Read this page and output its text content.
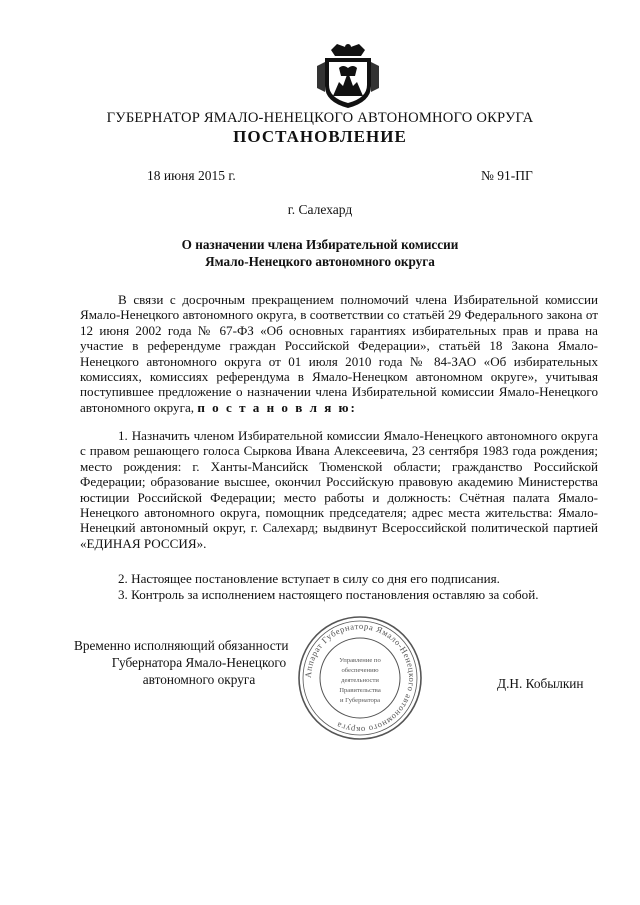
ГУБЕРНАТОР ЯМАЛО-НЕНЕЦКОГО АВТОНОМНОГО ОКРУГА
ПОСТАНОВЛЕНИЕ
18 июня 2015 г.	№ 91-ПГ
г. Салехард
О назначении члена Избирательной комиссии
Ямало-Ненецкого автономного округа
В связи с досрочным прекращением полномочий члена Избирательной комиссии Ямало-Ненецкого автономного округа, в соответствии со статьёй 29 Федерального закона от 12 июня 2002 года № 67-ФЗ «Об основных гарантиях избирательных прав и права на участие в референдуме граждан Российской Федерации», статьёй 18 Закона Ямало-Ненецкого автономного округа от 01 июля 2010 года № 84-ЗАО «Об избирательных комиссиях, комиссиях референдума в Ямало-Ненецком автономном округе», учитывая поступившее предложение о назначении члена Избирательной комиссии Ямало-Ненецкого автономного округа, п о с т а н о в л я ю:

1. Назначить членом Избирательной комиссии Ямало-Ненецкого автономного округа с правом решающего голоса Сыркова Ивана Алексеевича, 23 сентября 1983 года рождения; место рождения: г. Ханты-Мансийск Тюменской области; гражданство Российской Федерации; образование высшее, окончил Российскую правовую академию Министерства юстиции Российской Федерации; место работы и должность: Счётная палата Ямало-Ненецкого автономного округа, помощник председателя; адрес места жительства: Ямало-Ненецкий автономный округ, г. Салехард; выдвинут Всероссийской политической партией «ЕДИНАЯ РОССИЯ».

2. Настоящее постановление вступает в силу со дня его подписания.

3. Контроль за исполнением настоящего постановления оставляю за собой.

Временно исполняющий обязанности
Губернатора Ямало-Ненецкого
автономного округа	Д.Н. Кобылкин
Аппарат Губернатора Ямало-Ненецкого автономного округа
Управление по
обеспечению
деятельности
Правительства
и Губернатора
